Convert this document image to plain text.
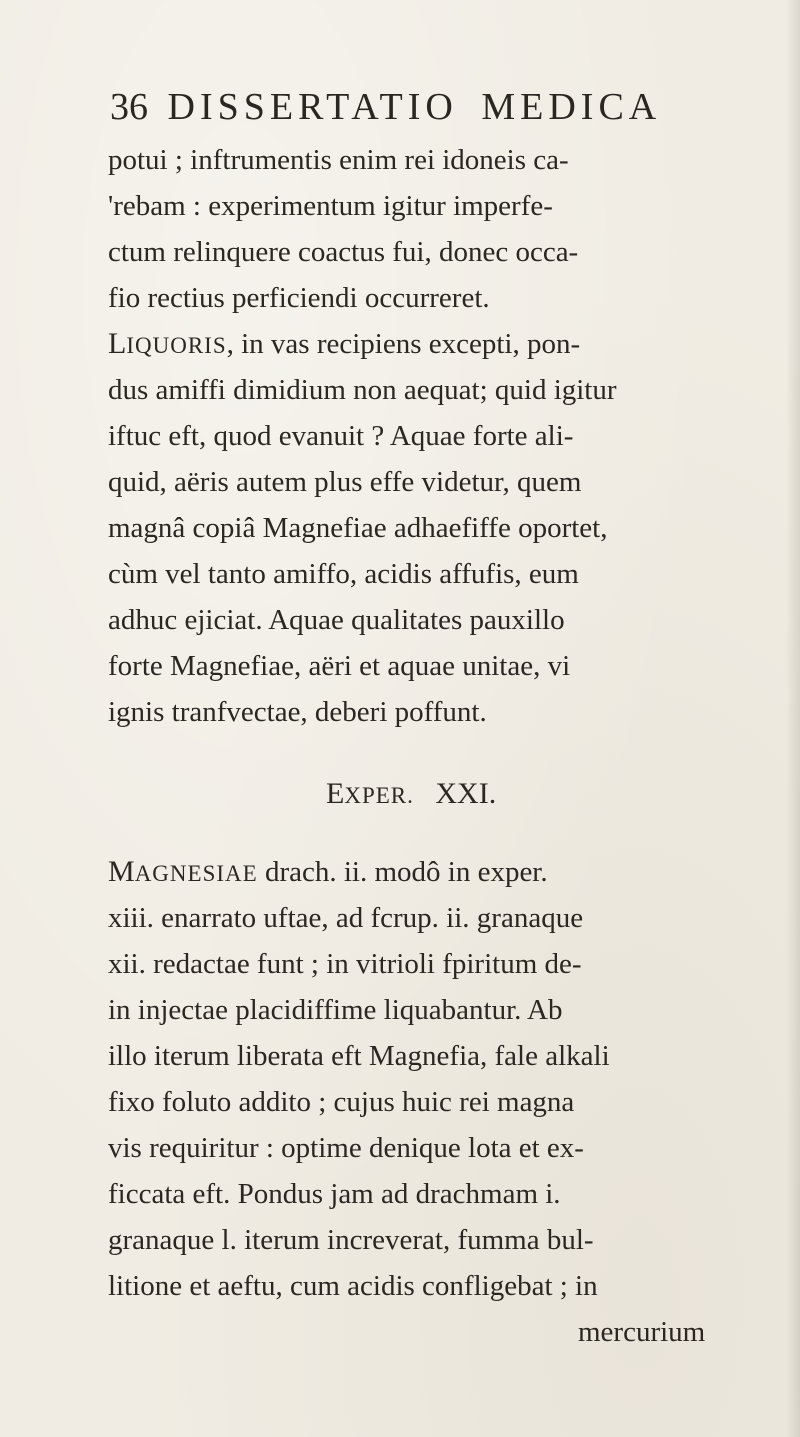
36 DISSERTATIO MEDICA
potui ; inftrumentis enim rei idoneis ca-
'rebam : experimentum igitur imperfe-
ctum relinquere coactus fui, donec occa-
fio rectius perficiendi occurreret.
LIQUORIS, in vas recipiens excepti, pon-
dus amiffi dimidium non aequat; quid igitur
iftuc eft, quod evanuit ? Aquae forte ali-
quid, aëris autem plus effe videtur, quem
magnâ copiâ Magnefiae adhaefiffe oportet,
cùm vel tanto amiffo, acidis affufis, eum
adhuc ejiciat. Aquae qualitates pauxillo
forte Magnefiae, aëri et aquae unitae, vi
ignis tranfvectae, deberi poffunt.
EXPER. XXI.
MAGNESIAE drach. ii. modô in exper.
xiii. enarrato uftae, ad fcrup. ii. granaque
xii. redactae funt ; in vitrioli fpiritum de-
in injectae placidiffime liquabantur. Ab
illo iterum liberata eft Magnefia, fale alkali
fixo foluto addito ; cujus huic rei magna
vis requiritur : optime denique lota et ex-
ficcata eft. Pondus jam ad drachmam i.
granaque l. iterum increverat, fumma bul-
litione et aeftu, cum acidis confligebat ; in
mercurium
